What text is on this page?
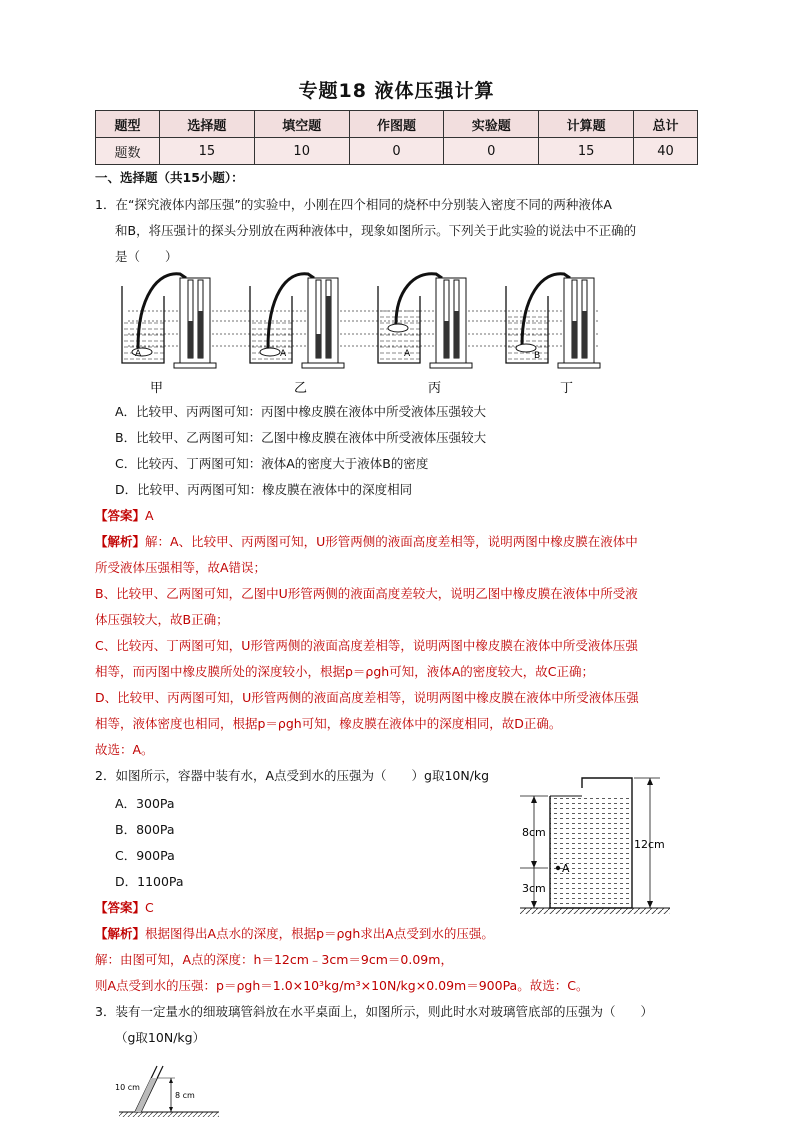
专题18 液体压强计算
题型	选择题	填空题	作图题	实验题	计算题	总计
题数	15	10	0	0	15	40
一、选择题（共15小题）：
1．在“探究液体内部压强”的实验中，小刚在四个相同的烧杯中分别装入密度不同的两种液体A
和B，将压强计的探头分别放在两种液体中，现象如图所示。下列关于此实验的说法中不正确的
是（　　）
A	A	A	B
甲	乙	丙	丁
A．比较甲、丙两图可知：丙图中橡皮膜在液体中所受液体压强较大
B．比较甲、乙两图可知：乙图中橡皮膜在液体中所受液体压强较大
C．比较丙、丁两图可知：液体A的密度大于液体B的密度
D．比较甲、丙两图可知：橡皮膜在液体中的深度相同
【答案】A
【解析】解：A、比较甲、丙两图可知，U形管两侧的液面高度差相等，说明两图中橡皮膜在液体中
所受液体压强相等，故A错误；
B、比较甲、乙两图可知，乙图中U形管两侧的液面高度差较大，说明乙图中橡皮膜在液体中所受液
体压强较大，故B正确；
C、比较丙、丁两图可知，U形管两侧的液面高度差相等，说明两图中橡皮膜在液体中所受液体压强
相等，而丙图中橡皮膜所处的深度较小，根据p＝ρgh可知，液体A的密度较大，故C正确；
D、比较甲、丙两图可知，U形管两侧的液面高度差相等，说明两图中橡皮膜在液体中所受液体压强
相等，液体密度也相同，根据p＝ρgh可知，橡皮膜在液体中的深度相同，故D正确。
故选：A。
2．如图所示，容器中装有水，A点受到水的压强为（　　）g取10N/kg
A．300Pa
B．800Pa
C．900Pa
D．1100Pa
8cm
3cm
12cm
A
【答案】C
【解析】根据图得出A点水的深度，根据p＝ρgh求出A点受到水的压强。
解：由图可知，A点的深度：h＝12cm﹣3cm＝9cm＝0.09m，
则A点受到水的压强：p＝ρgh＝1.0×10³kg/m³×10N/kg×0.09m＝900Pa。故选：C。
3．装有一定量水的细玻璃管斜放在水平桌面上，如图所示，则此时水对玻璃管底部的压强为（　　）
（g取10N/kg）
10 cm
8 cm
